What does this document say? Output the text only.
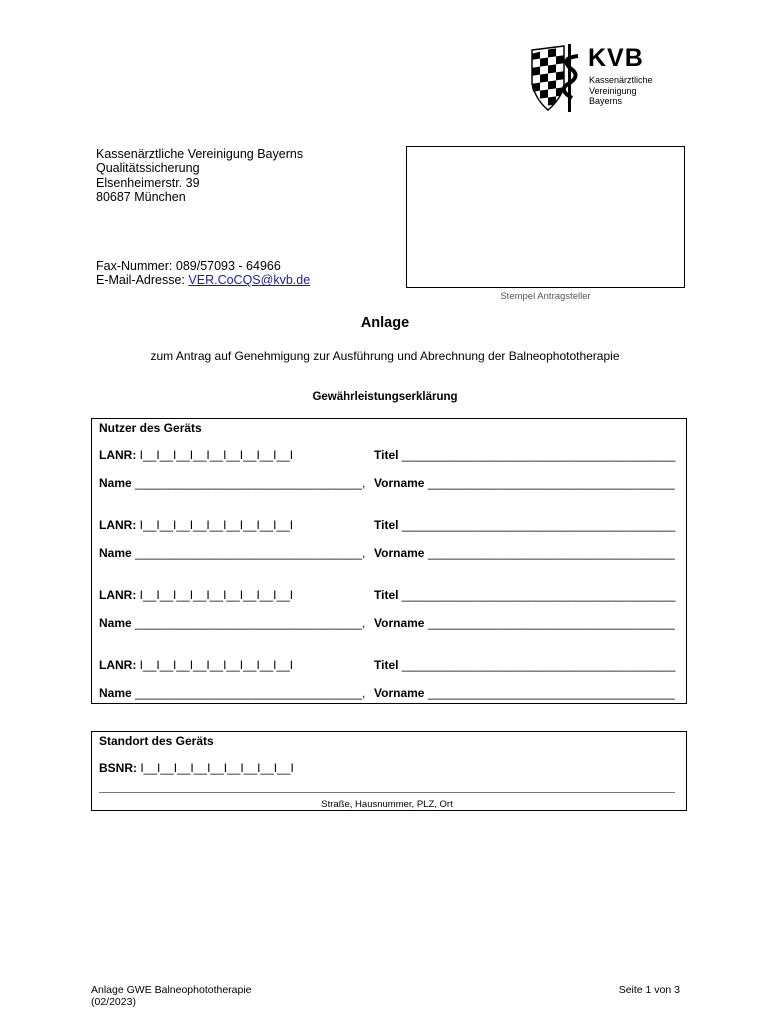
KVB
Kassenärztliche
Vereinigung
Bayerns
Kassenärztliche Vereinigung Bayerns
Qualitätssicherung
Elsenheimerstr. 39
80687 München
Fax-Nummer: 089/57093 - 64966
E-Mail-Adresse: VER.CoCQS@kvb.de
Stempel Antragsteller
Anlage
zum Antrag auf Genehmigung zur Ausführung und Abrechnung der Balneophototherapie
Gewährleistungserklärung
Nutzer des Geräts
LANR: I__I__I__I__I__I__I__I__I__I	Titel _________________________________________
Name __________________________________, Vorname _____________________________________
LANR: I__I__I__I__I__I__I__I__I__I	Titel _________________________________________
Name __________________________________, Vorname _____________________________________
LANR: I__I__I__I__I__I__I__I__I__I	Titel _________________________________________
Name __________________________________, Vorname _____________________________________
LANR: I__I__I__I__I__I__I__I__I__I	Titel _________________________________________
Name __________________________________, Vorname _____________________________________
Standort des Geräts
BSNR: I__I__I__I__I__I__I__I__I__I
Straße, Hausnummer, PLZ, Ort
Anlage GWE Balneophototherapie
(02/2023)
Seite 1 von 3
